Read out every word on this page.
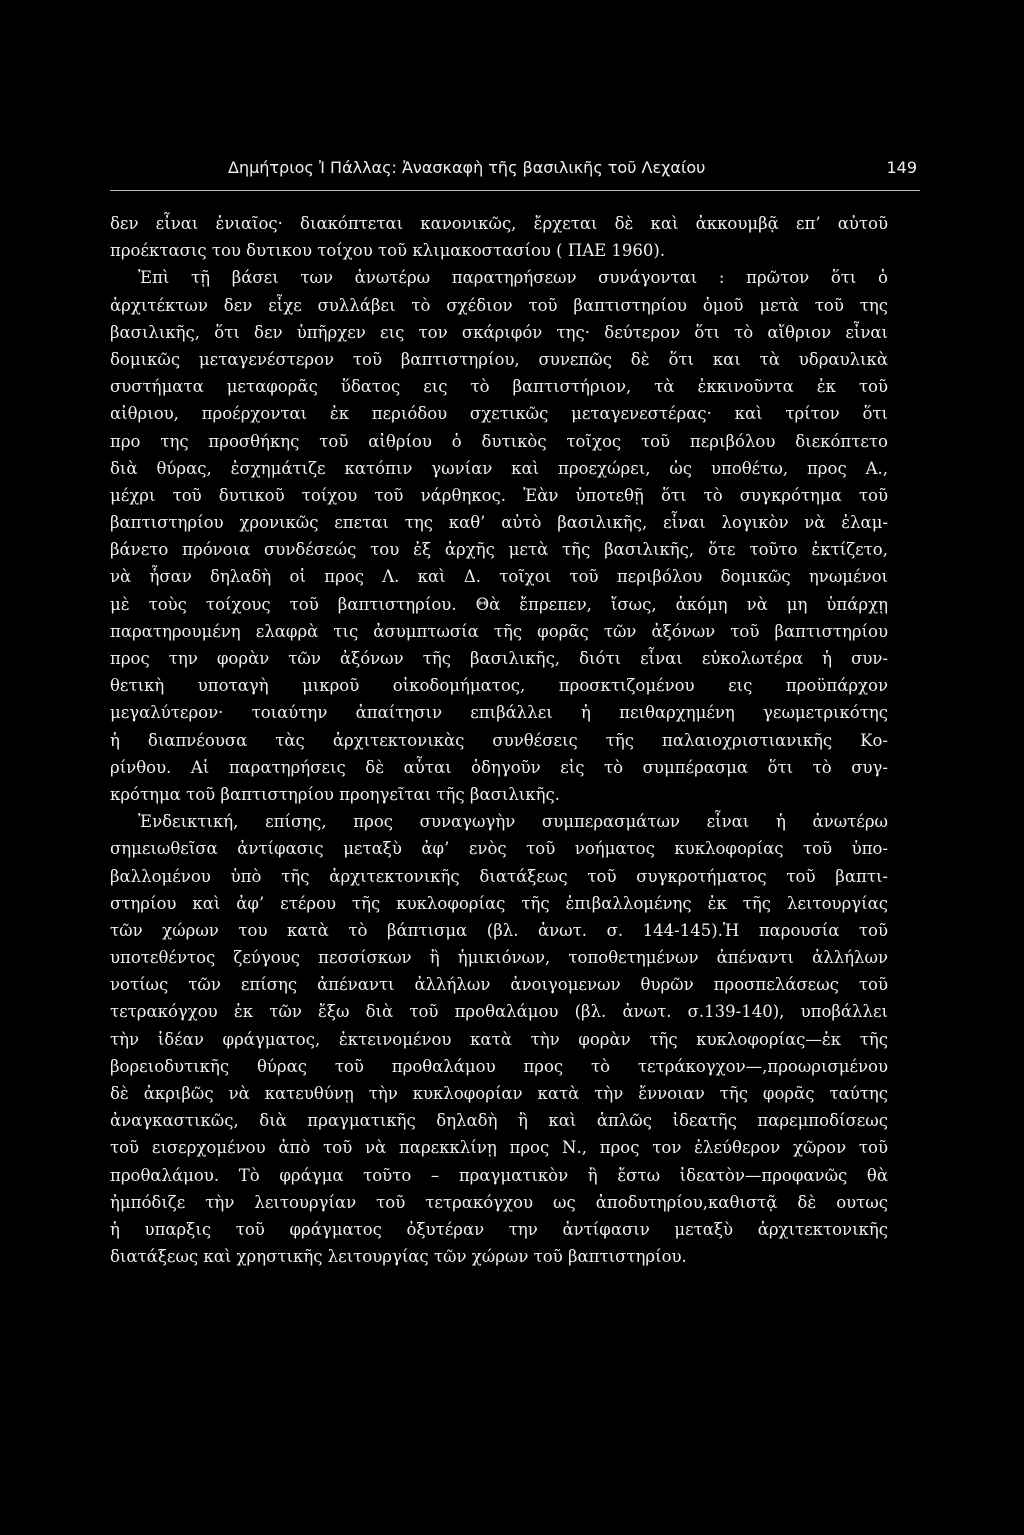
Δημήτριος Ἰ Πάλλας: Ἀνασκαφὴ τῆς βασιλικῆς τοῦ Λεχαίου	149
δεν εἶναι ἑνιαῖος· διακόπτεται κανονικῶς, ἔρχεται δὲ καὶ ἀκκουμβᾷ επ’ αὐτοῦ
προέκτασις του δυτικου τοίχου τοῦ κλιμακοστασίου ( ΠΑΕ 1960).
Ἐπὶ τῇ βάσει των ἀνωτέρω παρατηρήσεων συνάγονται : πρῶτον ὅτι ὁ
ἀρχιτέκτων δεν εἶχε συλλάβει τὸ σχέδιον τοῦ βαπτιστηρίου ὁμοῦ μετὰ τοῦ της
βασιλικῆς, ὅτι δεν ὑπῆρχεν εις τον σκάριφόν της· δεύτερον ὅτι τὸ αἴθριον εἶναι
δομικῶς μεταγενέστερον τοῦ βαπτιστηρίου, συνεπῶς δὲ ὅτι και τὰ υδραυλικὰ
συστήματα μεταφορᾶς ὕδατος εις τὸ βαπτιστήριον, τὰ ἐκκινοῦντα ἐκ τοῦ
αἰθριου, προέρχονται ἐκ περιόδου σχετικῶς μεταγενεστέρας· καὶ τρίτον ὅτι
προ της προσθήκης τοῦ αἰθρίου ὁ δυτικὸς τοῖχος τοῦ περιβόλου διεκόπτετο
διὰ θύρας, ἐσχημάτιζε κατόπιν γωνίαν καὶ προεχώρει, ὡς υποθέτω, προς Α.,
μέχρι τοῦ δυτικοῦ τοίχου τοῦ νάρθηκος. Ἐὰν ὑποτεθῇ ὅτι τὸ συγκρότημα τοῦ
βαπτιστηρίου χρονικῶς επεται της καθ’ αὐτὸ βασιλικῆς, εἶναι λογικὸν νὰ ἐλαμ-
βάνετο πρόνοια συνδέσεώς του ἐξ ἀρχῆς μετὰ τῆς βασιλικῆς, ὅτε τοῦτο ἐκτίζετο,
νὰ ἦσαν δηλαδὴ οἱ προς Λ. καὶ Δ. τοῖχοι τοῦ περιβόλου δομικῶς ηνωμένοι
μὲ τοὺς τοίχους τοῦ βαπτιστηρίου. Θὰ ἔπρεπεν, ἴσως, ἀκόμη νὰ μη ὑπάρχῃ
παρατηρουμένη ελαφρὰ τις ἀσυμπτωσία τῆς φορᾶς τῶν ἀξόνων τοῦ βαπτιστηρίου
προς την φορὰν τῶν ἀξόνων τῆς βασιλικῆς, διότι εἶναι εὐκολωτέρα ἡ συν-
θετικὴ υποταγὴ μικροῦ οἰκοδομήματος, προσκτιζομένου εις προϋπάρχον
μεγαλύτερον· τοιαύτην ἀπαίτησιν επιβάλλει ἡ πειθαρχημένη γεωμετρικότης
ἡ διαπνέουσα τὰς ἀρχιτεκτονικὰς συνθέσεις τῆς παλαιοχριστιανικῆς Κο-
ρίνθου. Αἱ παρατηρήσεις δὲ αὗται ὁδηγοῦν εἰς τὸ συμπέρασμα ὅτι τὸ συγ-
κρότημα τοῦ βαπτιστηρίου προηγεῖται τῆς βασιλικῆς.
Ἐνδεικτική, επίσης, προς συναγωγὴν συμπερασμάτων εἶναι ἡ ἀνωτέρω
σημειωθεῖσα ἀντίφασις μεταξὺ ἀφ’ ενὸς τοῦ νοήματος κυκλοφορίας τοῦ ὑπο-
βαλλομένου ὑπὸ τῆς ἀρχιτεκτονικῆς διατάξεως τοῦ συγκροτήματος τοῦ βαπτι-
στηρίου καὶ ἀφ’ ετέρου τῆς κυκλοφορίας τῆς ἐπιβαλλομένης ἐκ τῆς λειτουργίας
τῶν χώρων του κατὰ τὸ βάπτισμα (βλ. ἀνωτ. σ. 144-145).Ἡ παρουσία τοῦ
υποτεθέντος ζεύγους πεσσίσκων ἢ ἡμικιόνων, τοποθετημένων ἀπέναντι ἀλλήλων
νοτίως τῶν επίσης ἀπέναντι ἀλλήλων ἀνοιγομενων θυρῶν προσπελάσεως τοῦ
τετρακόγχου ἐκ τῶν ἔξω διὰ τοῦ προθαλάμου (βλ. ἀνωτ. σ.139-140), υποβάλλει
τὴν ἰδέαν φράγματος, ἐκτεινομένου κατὰ τὴν φορὰν τῆς κυκλοφορίας—ἐκ τῆς
βορειοδυτικῆς θύρας τοῦ προθαλάμου προς τὸ τετράκογχον—,προωρισμένου
δὲ ἀκριβῶς νὰ κατευθύνῃ τὴν κυκλοφορίαν κατὰ τὴν ἔννοιαν τῆς φορᾶς ταύτης
ἀναγκαστικῶς, διὰ πραγματικῆς δηλαδὴ ἢ καὶ ἁπλῶς ἰδεατῆς παρεμποδίσεως
τοῦ εισερχομένου ἀπὸ τοῦ νὰ παρεκκλίνῃ προς Ν., προς τον ἐλεύθερον χῶρον τοῦ
προθαλάμου. Τὸ φράγμα τοῦτο – πραγματικὸν ἢ ἔστω ἰδεατὸν—προφανῶς θὰ
ἠμπόδιζε τὴν λειτουργίαν τοῦ τετρακόγχου ως ἀποδυτηρίου,καθιστᾷ δὲ ουτως
ἡ υπαρξις τοῦ φράγματος ὀξυτέραν την ἀντίφασιν μεταξὺ ἀρχιτεκτονικῆς
διατάξεως καὶ χρηστικῆς λειτουργίας τῶν χώρων τοῦ βαπτιστηρίου.
